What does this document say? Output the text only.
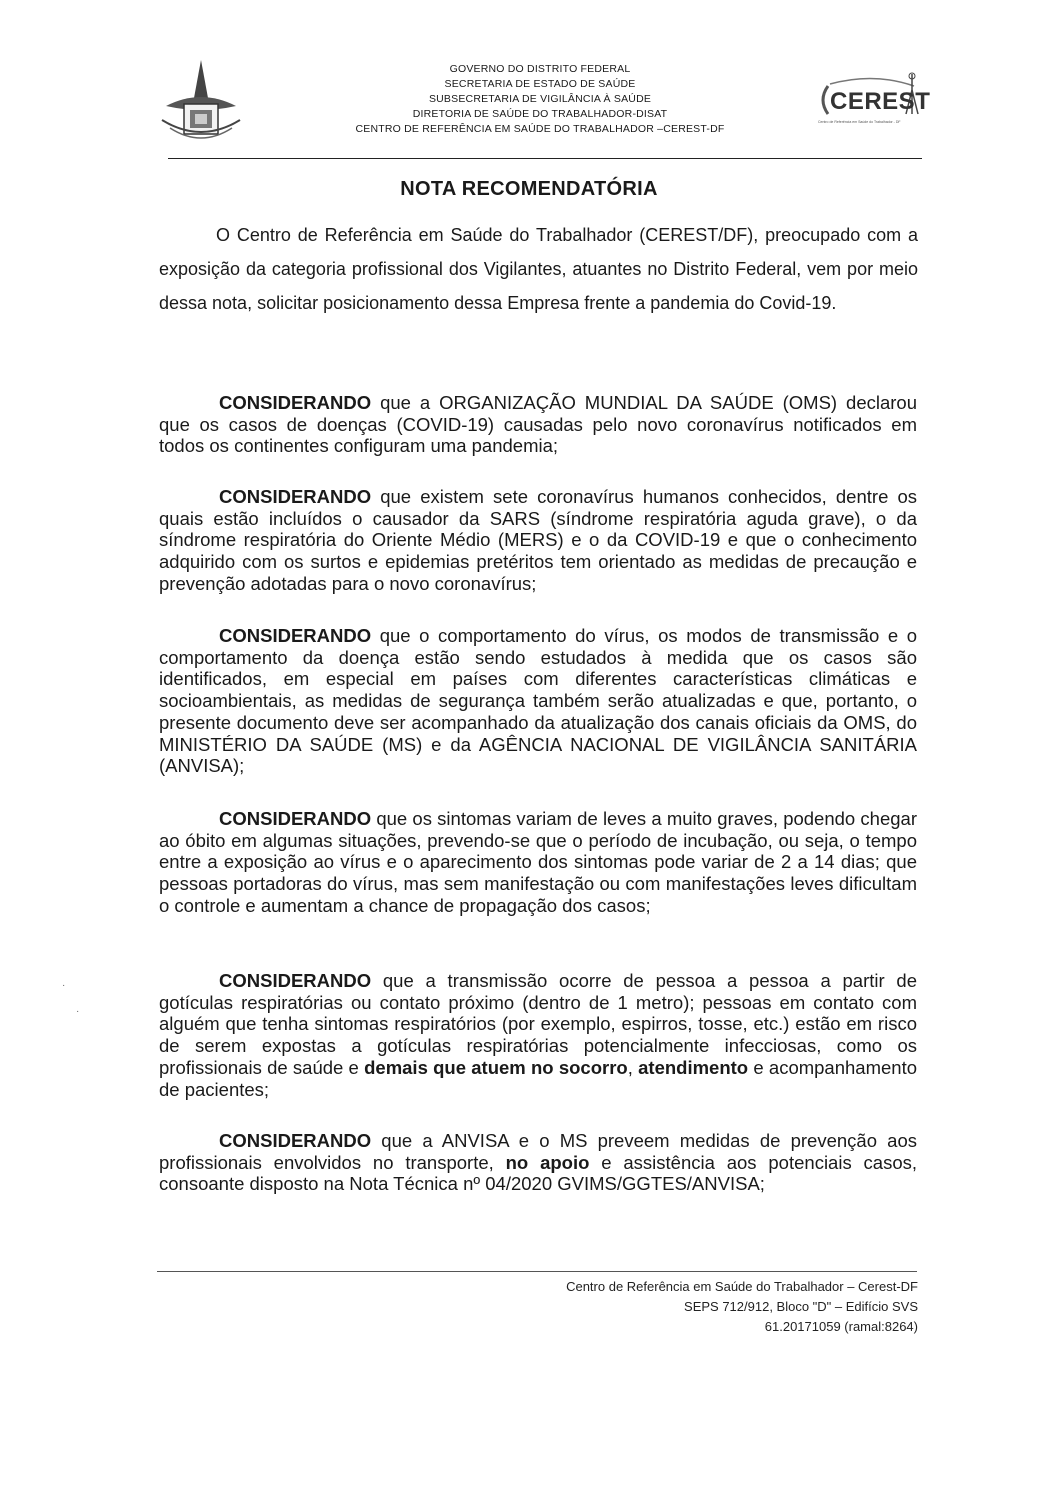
GOVERNO DO DISTRITO FEDERAL
SECRETARIA DE ESTADO DE SAÚDE
SUBSECRETARIA DE VIGILÂNCIA À SAÚDE
DIRETORIA DE SAÚDE DO TRABALHADOR-DISAT
CENTRO DE REFERÊNCIA EM SAÚDE DO TRABALHADOR –CEREST-DF
CEREST
Centro de Referência em Saúde do Trabalhador - DF
NOTA RECOMENDATÓRIA
O Centro de Referência em Saúde do Trabalhador (CEREST/DF), preocupado com a exposição da categoria profissional dos Vigilantes, atuantes no Distrito Federal, vem por meio dessa nota, solicitar posicionamento dessa Empresa frente a pandemia do Covid-19.
CONSIDERANDO que a ORGANIZAÇÃO MUNDIAL DA SAÚDE (OMS) declarou que os casos de doenças (COVID-19) causadas pelo novo coronavírus notificados em todos os continentes configuram uma pandemia;
CONSIDERANDO que existem sete coronavírus humanos conhecidos, dentre os quais estão incluídos o causador da SARS (síndrome respiratória aguda grave), o da síndrome respiratória do Oriente Médio (MERS) e o da COVID-19 e que o conhecimento adquirido com os surtos e epidemias pretéritos tem orientado as medidas de precaução e prevenção adotadas para o novo coronavírus;
CONSIDERANDO que o comportamento do vírus, os modos de transmissão e o comportamento da doença estão sendo estudados à medida que os casos são identificados, em especial em países com diferentes características climáticas e socioambientais, as medidas de segurança também serão atualizadas e que, portanto, o presente documento deve ser acompanhado da atualização dos canais oficiais da OMS, do MINISTÉRIO DA SAÚDE (MS) e da AGÊNCIA NACIONAL DE VIGILÂNCIA SANITÁRIA (ANVISA);
CONSIDERANDO que os sintomas variam de leves a muito graves, podendo chegar ao óbito em algumas situações, prevendo-se que o período de incubação, ou seja, o tempo entre a exposição ao vírus e o aparecimento dos sintomas pode variar de 2 a 14 dias; que pessoas portadoras do vírus, mas sem manifestação ou com manifestações leves dificultam o controle e aumentam a chance de propagação dos casos;
CONSIDERANDO que a transmissão ocorre de pessoa a pessoa a partir de gotículas respiratórias ou contato próximo (dentro de 1 metro); pessoas em contato com alguém que tenha sintomas respiratórios (por exemplo, espirros, tosse, etc.) estão em risco de serem expostas a gotículas respiratórias potencialmente infecciosas, como os profissionais de saúde e demais que atuem no socorro, atendimento e acompanhamento de pacientes;
CONSIDERANDO que a ANVISA e o MS preveem medidas de prevenção aos profissionais envolvidos no transporte, no apoio e assistência aos potenciais casos, consoante disposto na Nota Técnica nº 04/2020 GVIMS/GGTES/ANVISA;
Centro de Referência em Saúde do Trabalhador – Cerest-DF
SEPS 712/912, Bloco "D" – Edifício SVS
61.20171059 (ramal:8264)
·
·
